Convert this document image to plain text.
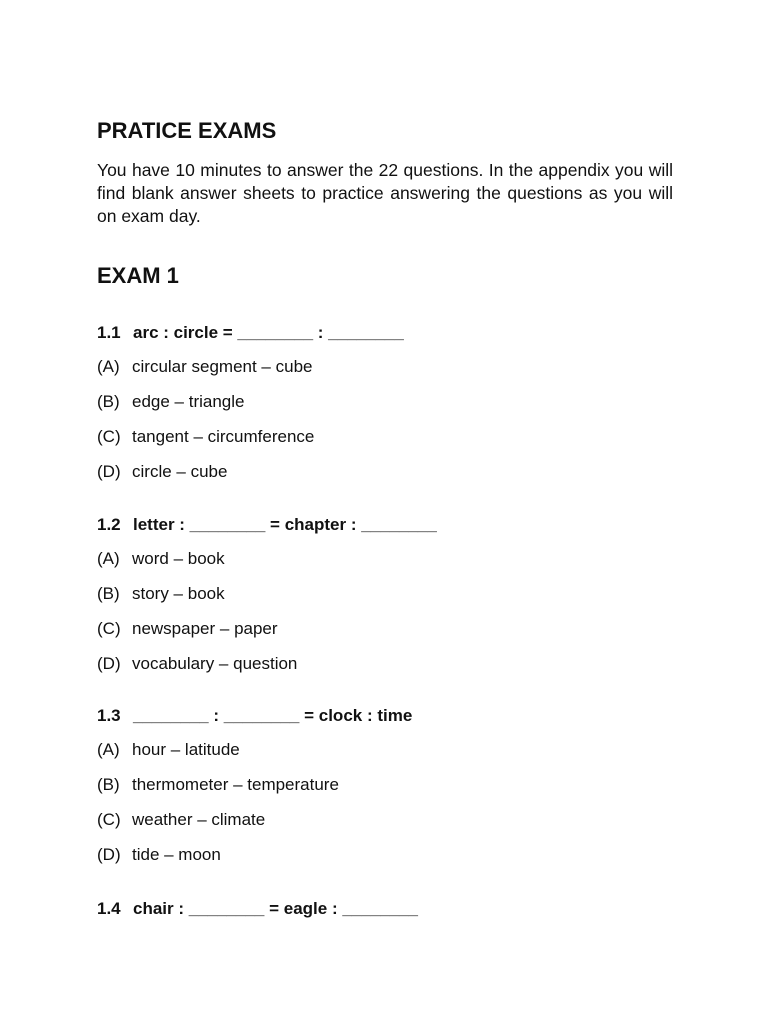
PRATICE EXAMS

You have 10 minutes to answer the 22 questions. In the appendix you will find blank answer sheets to practice answering the questions as you will on exam day.

EXAM 1
1.1 arc : circle = ________ : ________
(A) circular segment – cube
(B) edge – triangle
(C) tangent – circumference
(D) circle – cube
1.2 letter : ________ = chapter : ________
(A) word – book
(B) story – book
(C) newspaper – paper
(D) vocabulary – question
1.3 ________ : ________ = clock : time
(A) hour – latitude
(B) thermometer – temperature
(C) weather – climate
(D) tide – moon
1.4 chair : ________ = eagle : ________
